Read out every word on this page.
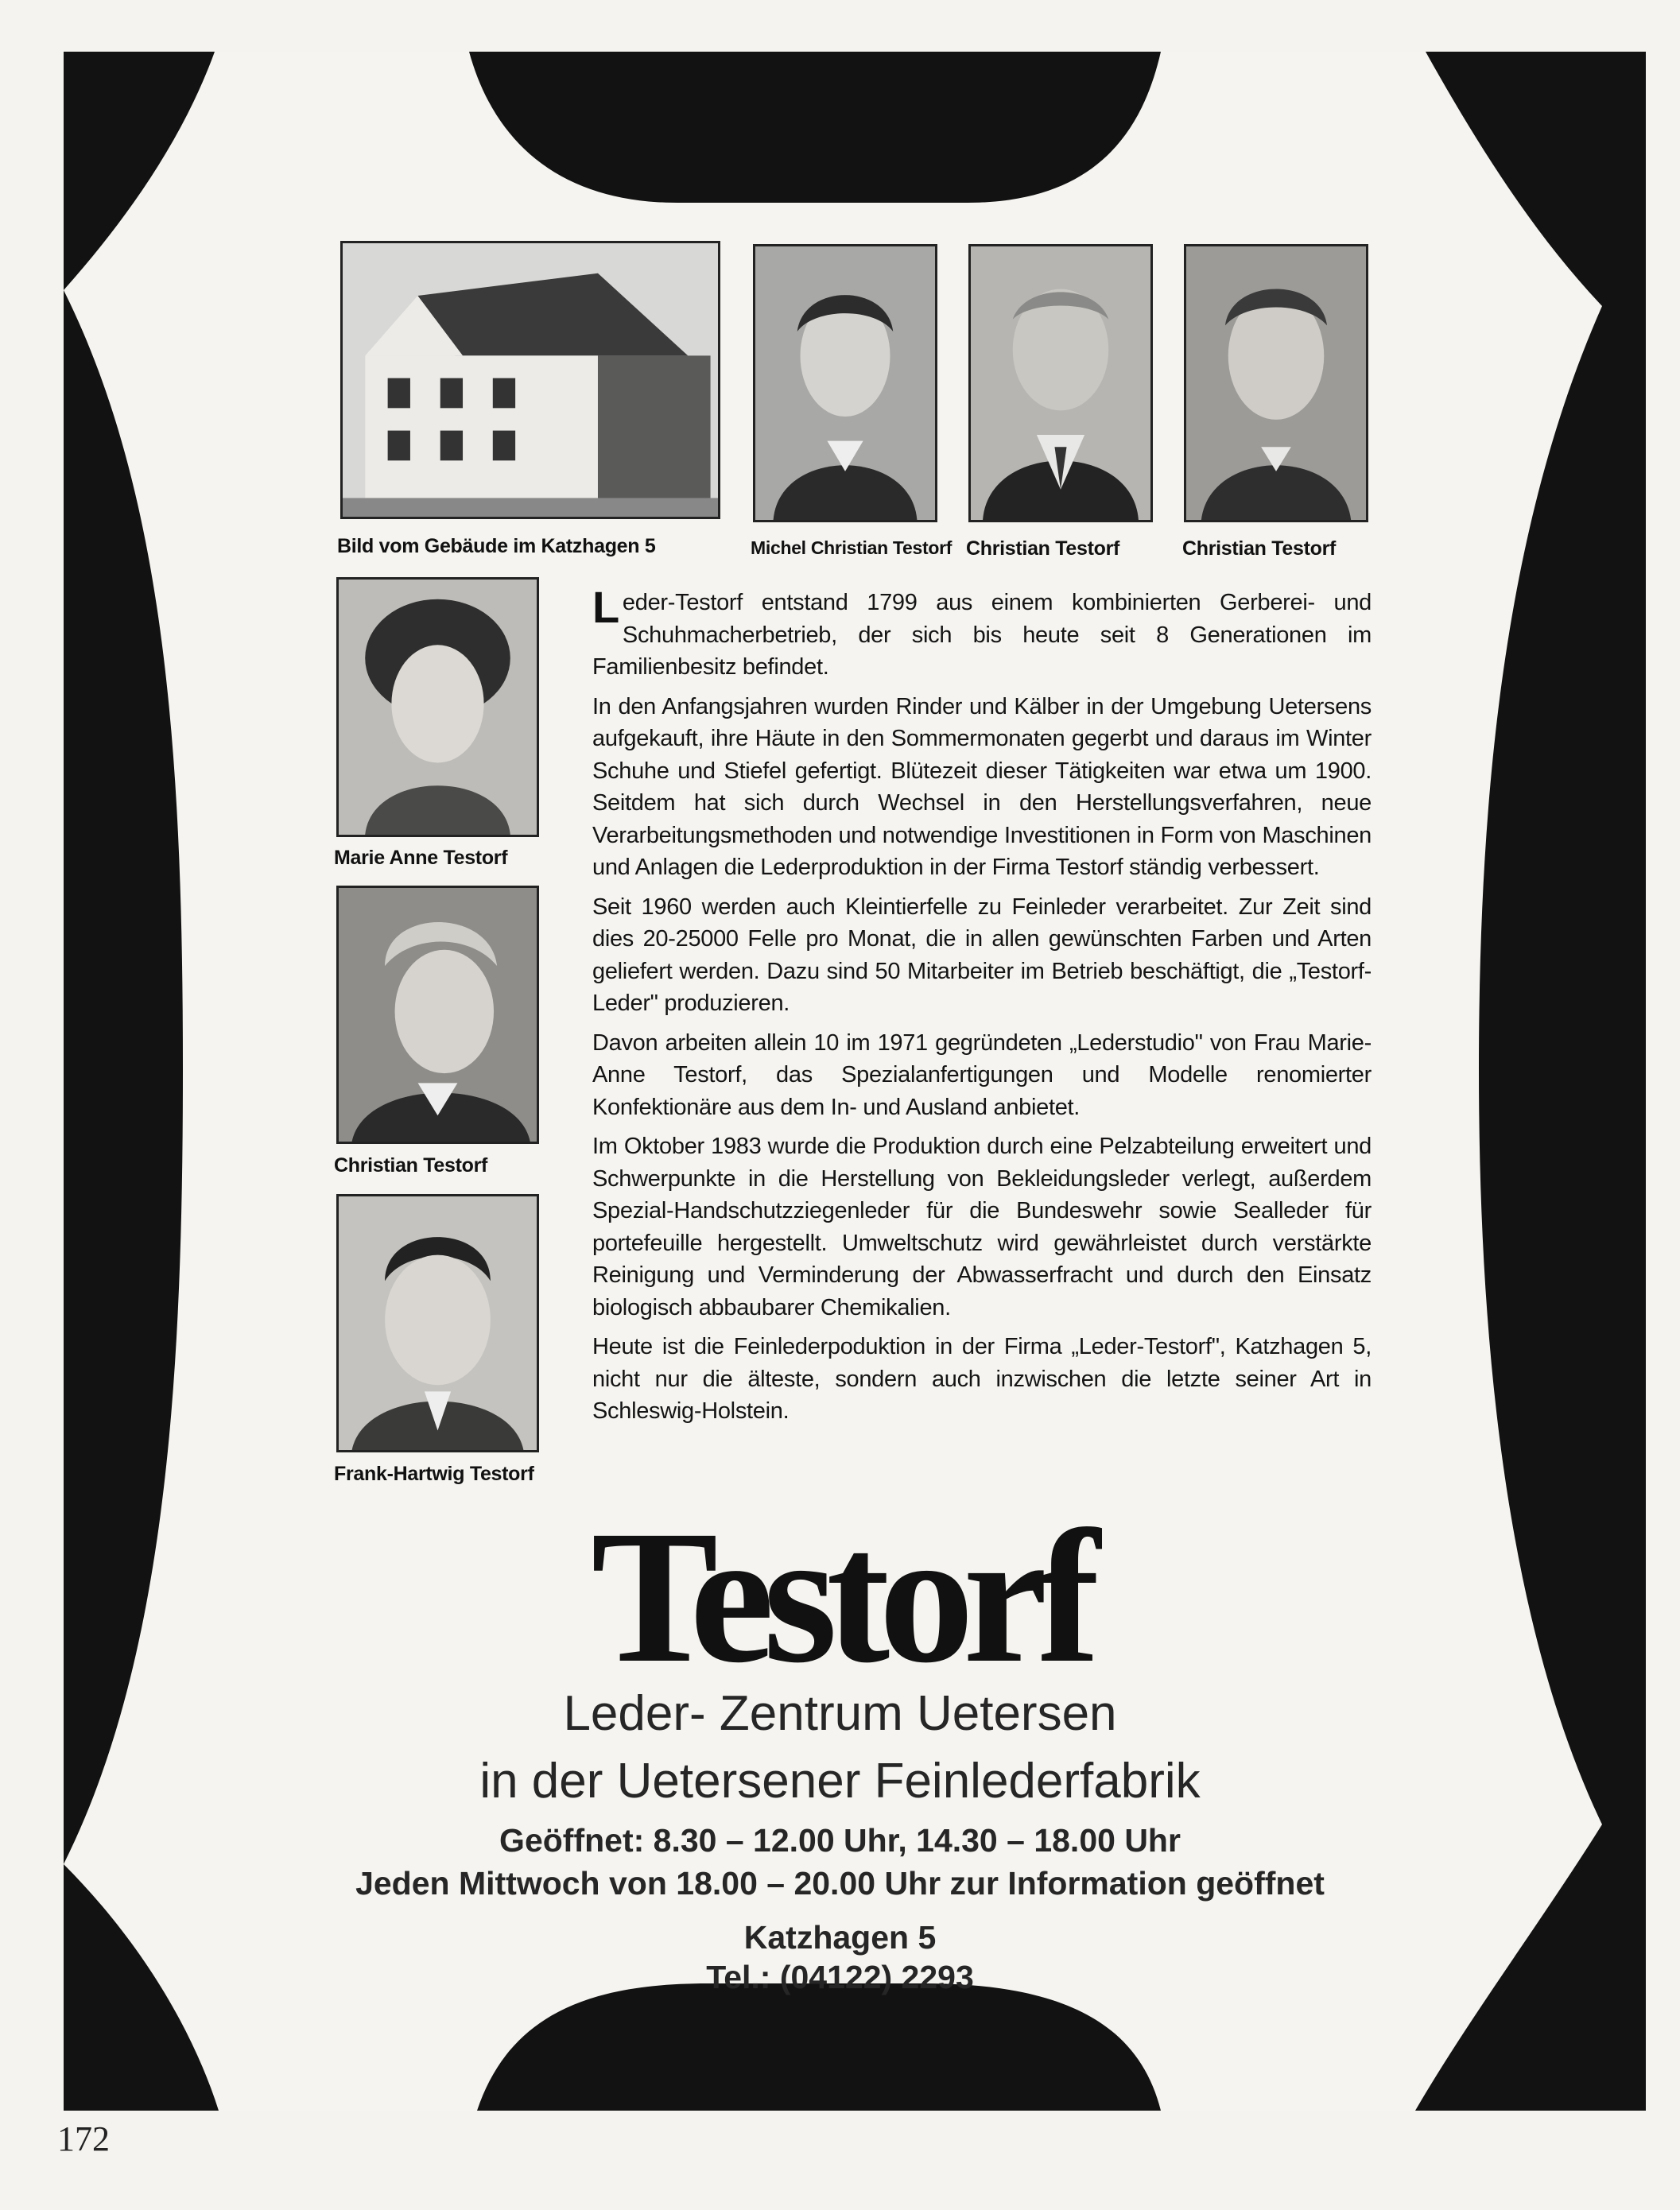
Bild vom Gebäude im Katzhagen 5	Michel Christian Testorf Christian Testorf	Christian Testorf
Marie Anne Testorf
Christian Testorf
Frank-Hartwig Testorf

Leder-Testorf entstand 1799 aus einem kombinierten Gerberei- und Schuhmacherbetrieb, der sich bis heute seit 8 Generationen im Familienbesitz befindet.

In den Anfangsjahren wurden Rinder und Kälber in der Umgebung Uetersens aufgekauft, ihre Häute in den Sommermonaten gegerbt und daraus im Winter Schuhe und Stiefel gefertigt. Blütezeit dieser Tätigkeiten war etwa um 1900. Seitdem hat sich durch Wechsel in den Herstellungsverfahren, neue Verarbeitungsmethoden und notwendige Investitionen in Form von Maschinen und Anlagen die Lederproduktion in der Firma Testorf ständig verbessert.

Seit 1960 werden auch Kleintierfelle zu Feinleder verarbeitet. Zur Zeit sind dies 20-25000 Felle pro Monat, die in allen gewünschten Farben und Arten geliefert werden. Dazu sind 50 Mitarbeiter im Betrieb beschäftigt, die „Testorf-Leder" produzieren.

Davon arbeiten allein 10 im 1971 gegründeten „Lederstudio" von Frau Marie-Anne Testorf, das Spezialanfertigungen und Modelle renomierter Konfektionäre aus dem In- und Ausland anbietet.

Im Oktober 1983 wurde die Produktion durch eine Pelzabteilung erweitert und Schwerpunkte in die Herstellung von Bekleidungsleder verlegt, außerdem Spezial-Handschutzziegenleder für die Bundeswehr sowie Sealleder für portefeuille hergestellt. Umweltschutz wird gewährleistet durch verstärkte Reinigung und Verminderung der Abwasserfracht und durch den Einsatz biologisch abbaubarer Chemikalien.

Heute ist die Feinlederpoduktion in der Firma „Leder-Testorf", Katzhagen 5, nicht nur die älteste, sondern auch inzwischen die letzte seiner Art in Schleswig-Holstein.

Testorf
Leder- Zentrum Uetersen
in der Uetersener Feinlederfabrik
Geöffnet: 8.30 – 12.00 Uhr, 14.30 – 18.00 Uhr
Jeden Mittwoch von 18.00 – 20.00 Uhr zur Information geöffnet
Katzhagen 5
Tel.: (04122) 2293
172
